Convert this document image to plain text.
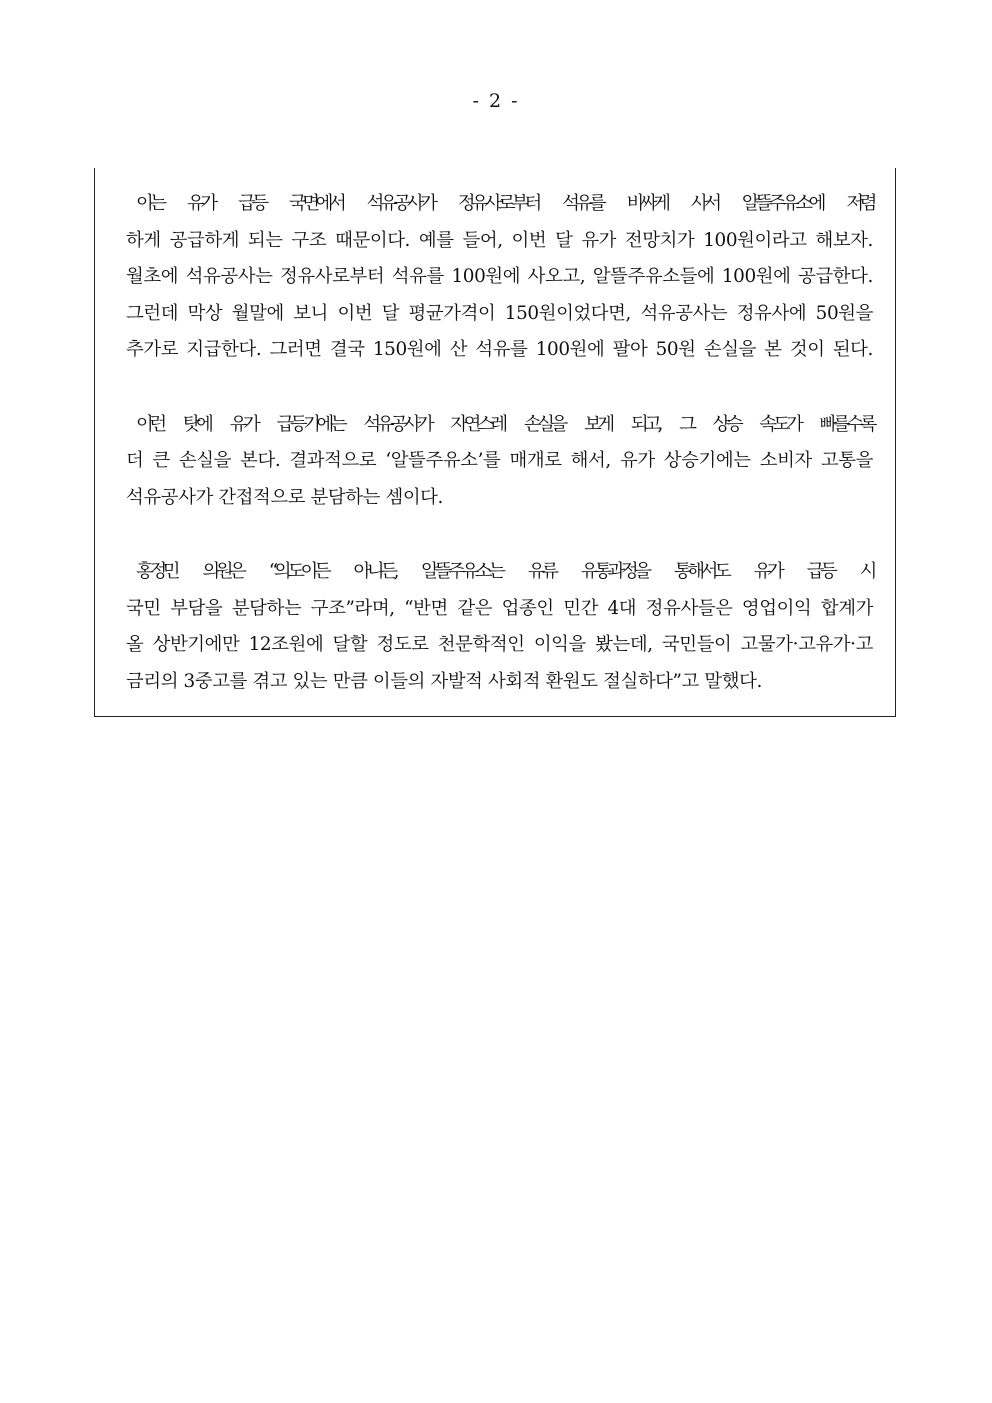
- 2 -

이는 유가 급등 국면에서 석유공사가 정유사로부터 석유를 비싸게 사서 알뜰주유소에 저렴
하게 공급하게 되는 구조 때문이다. 예를 들어, 이번 달 유가 전망치가 100원이라고 해보자.
월초에 석유공사는 정유사로부터 석유를 100원에 사오고, 알뜰주유소들에 100원에 공급한다.
그런데 막상 월말에 보니 이번 달 평균가격이 150원이었다면, 석유공사는 정유사에 50원을
추가로 지급한다. 그러면 결국 150원에 산 석유를 100원에 팔아 50원 손실을 본 것이 된다.

이런 탓에 유가 급등기에는 석유공사가 자연스레 손실을 보게 되고, 그 상승 속도가 빠를수록
더 큰 손실을 본다. 결과적으로 ‘알뜰주유소’를 매개로 해서, 유가 상승기에는 소비자 고통을
석유공사가 간접적으로 분담하는 셈이다.

홍정민 의원은 “의도이든 아니든, 알뜰주유소는 유류 유통과정을 통해서도 유가 급등 시
국민 부담을 분담하는 구조”라며, “반면 같은 업종인 민간 4대 정유사들은 영업이익 합계가
올 상반기에만 12조원에 달할 정도로 천문학적인 이익을 봤는데, 국민들이 고물가·고유가·고
금리의 3중고를 겪고 있는 만큼 이들의 자발적 사회적 환원도 절실하다”고 말했다.
